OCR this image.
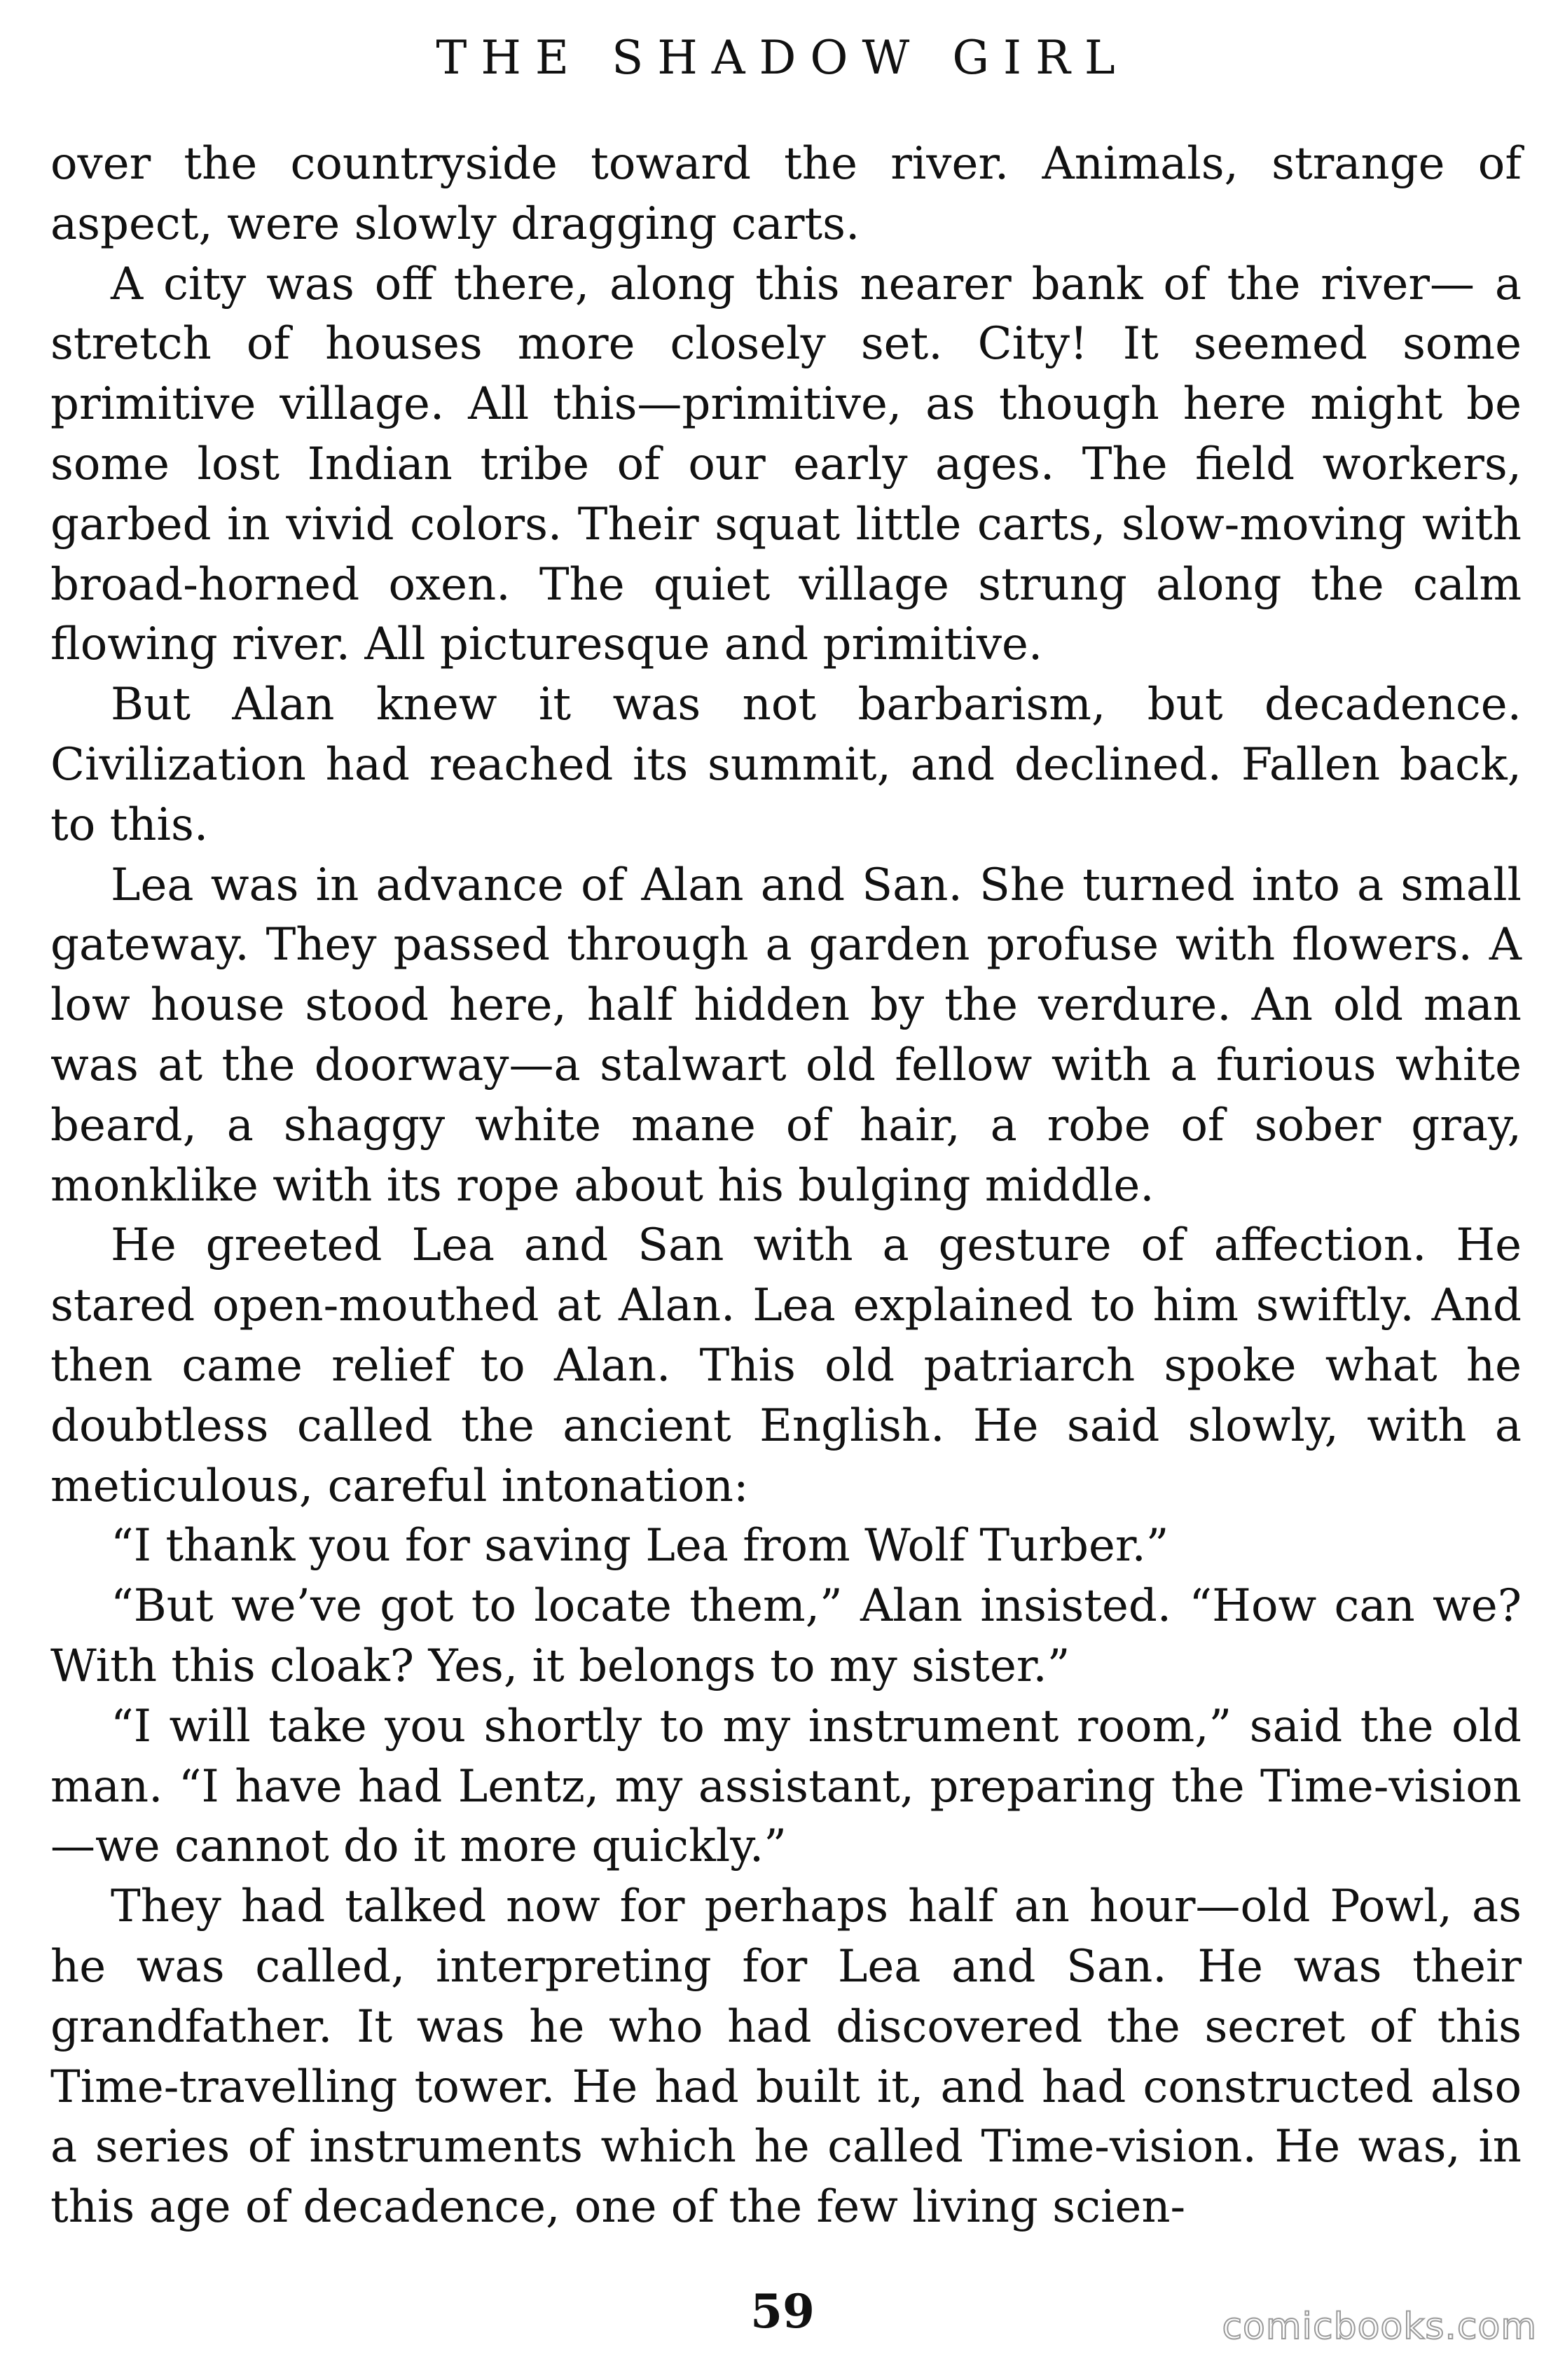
THE SHADOW GIRL

over the countryside toward the river. Animals, strange of aspect, were slowly dragging carts.

A city was off there, along this nearer bank of the river— a stretch of houses more closely set. City! It seemed some primitive village. All this—primitive, as though here might be some lost Indian tribe of our early ages. The field workers, garbed in vivid colors. Their squat little carts, slow-moving with broad-horned oxen. The quiet village strung along the calm flowing river. All picturesque and primitive.

But Alan knew it was not barbarism, but decadence. Civilization had reached its summit, and declined. Fallen back, to this.

Lea was in advance of Alan and San. She turned into a small gateway. They passed through a garden profuse with flowers. A low house stood here, half hidden by the verdure. An old man was at the doorway—a stalwart old fellow with a furious white beard, a shaggy white mane of hair, a robe of sober gray, monklike with its rope about his bulging middle.

He greeted Lea and San with a gesture of affection. He stared open-mouthed at Alan. Lea explained to him swiftly. And then came relief to Alan. This old patriarch spoke what he doubtless called the ancient English. He said slowly, with a meticulous, careful intonation:

“I thank you for saving Lea from Wolf Turber.”

“But we’ve got to locate them,” Alan insisted. “How can we? With this cloak? Yes, it belongs to my sister.”

“I will take you shortly to my instrument room,” said the old man. “I have had Lentz, my assistant, preparing the Time-vision—we cannot do it more quickly.”

They had talked now for perhaps half an hour—old Powl, as he was called, interpreting for Lea and San. He was their grandfather. It was he who had discovered the secret of this Time-travelling tower. He had built it, and had constructed also a series of instruments which he called Time-vision. He was, in this age of decadence, one of the few living scien-

59	comicbooks.com
